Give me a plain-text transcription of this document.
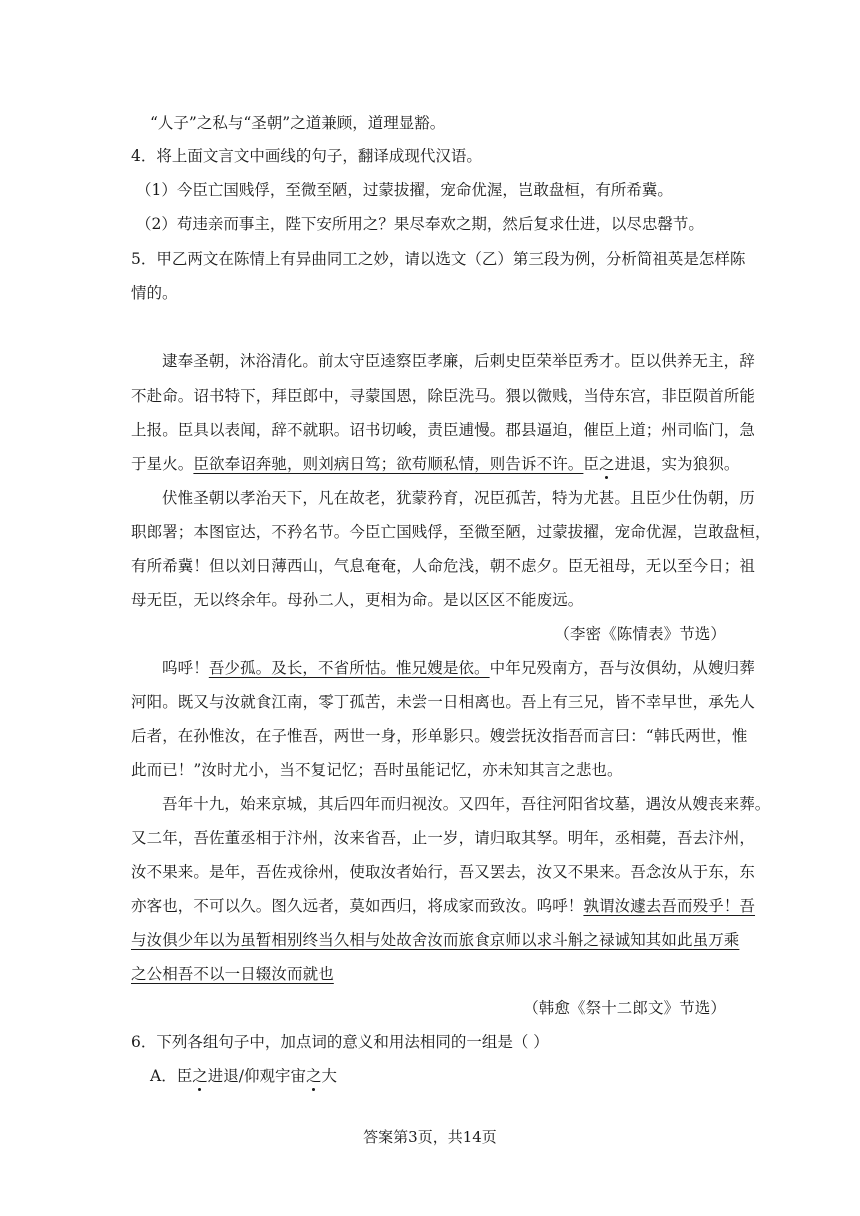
“人子”之私与“圣朝”之道兼顾，道理显豁。
4．将上面文言文中画线的句子，翻译成现代汉语。
（1）今臣亡国贱俘，至微至陋，过蒙拔擢，宠命优渥，岂敢盘桓，有所希冀。
（2）苟违亲而事主，陛下安所用之？果尽奉欢之期，然后复求仕进，以尽忠罄节。
5．甲乙两文在陈情上有异曲同工之妙，请以选文（乙）第三段为例，分析简祖英是怎样陈
情的。
逮奉圣朝，沐浴清化。前太守臣逵察臣孝廉，后刺史臣荣举臣秀才。臣以供养无主，辞
不赴命。诏书特下，拜臣郎中，寻蒙国恩，除臣洗马。猥以微贱，当侍东宫，非臣陨首所能
上报。臣具以表闻，辞不就职。诏书切峻，责臣逋慢。郡县逼迫，催臣上道；州司临门，急
于星火。臣欲奉诏奔驰，则刘病日笃；欲苟顺私情，则告诉不许。臣之进退，实为狼狈。
伏惟圣朝以孝治天下，凡在故老，犹蒙矜育，况臣孤苦，特为尤甚。且臣少仕伪朝，历
职郎署；本图宦达，不矜名节。今臣亡国贱俘，至微至陋，过蒙拔擢，宠命优渥，岂敢盘桓，
有所希冀！但以刘日薄西山，气息奄奄，人命危浅，朝不虑夕。臣无祖母，无以至今日；祖
母无臣，无以终余年。母孙二人，更相为命。是以区区不能废远。
（李密《陈情表》节选）
呜呼！吾少孤。及长，不省所怙。惟兄嫂是依。中年兄殁南方，吾与汝俱幼，从嫂归葬
河阳。既又与汝就食江南，零丁孤苦，未尝一日相离也。吾上有三兄，皆不幸早世，承先人
后者，在孙惟汝，在子惟吾，两世一身，形单影只。嫂尝抚汝指吾而言曰：“韩氏两世，惟
此而已！”汝时尤小，当不复记忆；吾时虽能记忆，亦未知其言之悲也。
吾年十九，始来京城，其后四年而归视汝。又四年，吾往河阳省坟墓，遇汝从嫂丧来葬。
又二年，吾佐董丞相于汴州，汝来省吾，止一岁，请归取其孥。明年，丞相薨，吾去汴州，
汝不果来。是年，吾佐戎徐州，使取汝者始行，吾又罢去，汝又不果来。吾念汝从于东，东
亦客也，不可以久。图久远者，莫如西归，将成家而致汝。呜呼！孰谓汝遽去吾而殁乎！吾
与汝俱少年以为虽暂相别终当久相与处故舍汝而旅食京师以求斗斛之禄诚知其如此虽万乘
之公相吾不以一日辍汝而就也
（韩愈《祭十二郎文》节选）
6．下列各组句子中，加点词的意义和用法相同的一组是（ ）
A．臣之进退/仰观宇宙之大
答案第3页，共14页
